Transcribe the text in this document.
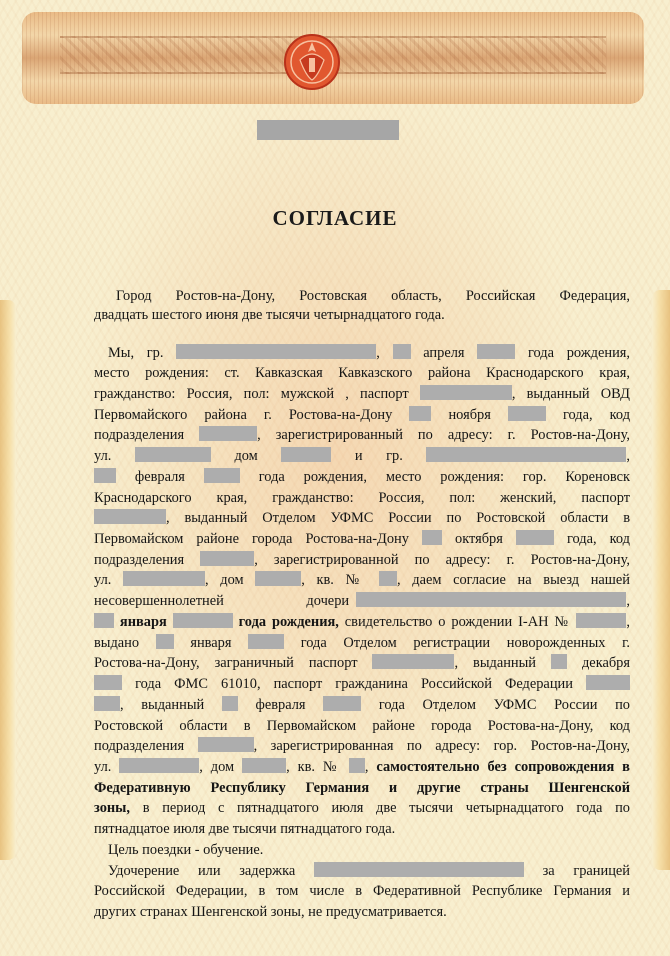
СОГЛАСИЕ
Город Ростов-на-Дону, Ростовская область, Российская Федерация,
двадцать шестого июня две тысячи четырнадцатого года.
Мы, гр.	,	апреля	года рождения,
место рождения: ст. Кавказская Кавказского района Краснодарского края,
гражданство: Россия, пол: мужской , паспорт	, выданный ОВД
Первомайского района г. Ростова-на-Дону	ноября	года, код
подразделения	, зарегистрированный по адресу: г. Ростов-на-Дону,
ул.	дом	и гр.	,
февраля	года рождения, место рождения: гор. Кореновск
Краснодарского края, гражданство: Россия, пол: женский, паспорт
, выданный Отделом УФМС России по Ростовской области в
Первомайском районе города Ростова-на-Дону	октября	года, код
подразделения	, зарегистрированной по адресу: г. Ростов-на-Дону,
ул.	, дом	, кв. № , даем согласие на выезд нашей
несовершеннолетней	дочери	,
января	года рождения, свидетельство о рождении I-АН №	,
выдано	января	года Отделом регистрации новорожденных г.
Ростова-на-Дону, заграничный паспорт	, выданный	декабря
года ФМС 61010, паспорт гражданина Российской Федерации
, выданный	февраля	года Отделом УФМС России по
Ростовской области в Первомайском районе города Ростова-на-Дону, код
подразделения	, зарегистрированная по адресу: гор. Ростов-на-Дону,
ул.	, дом	, кв. № , самостоятельно без сопровождения в
Федеративную Республику Германия и другие страны Шенгенской
зоны, в период с пятнадцатого июля две тысячи четырнадцатого года по
пятнадцатое июля две тысячи пятнадцатого года.
Цель поездки - обучение.
Удочерение или задержка	за границей
Российской Федерации, в том числе в Федеративной Республике Германия и
других странах Шенгенской зоны, не предусматривается.
